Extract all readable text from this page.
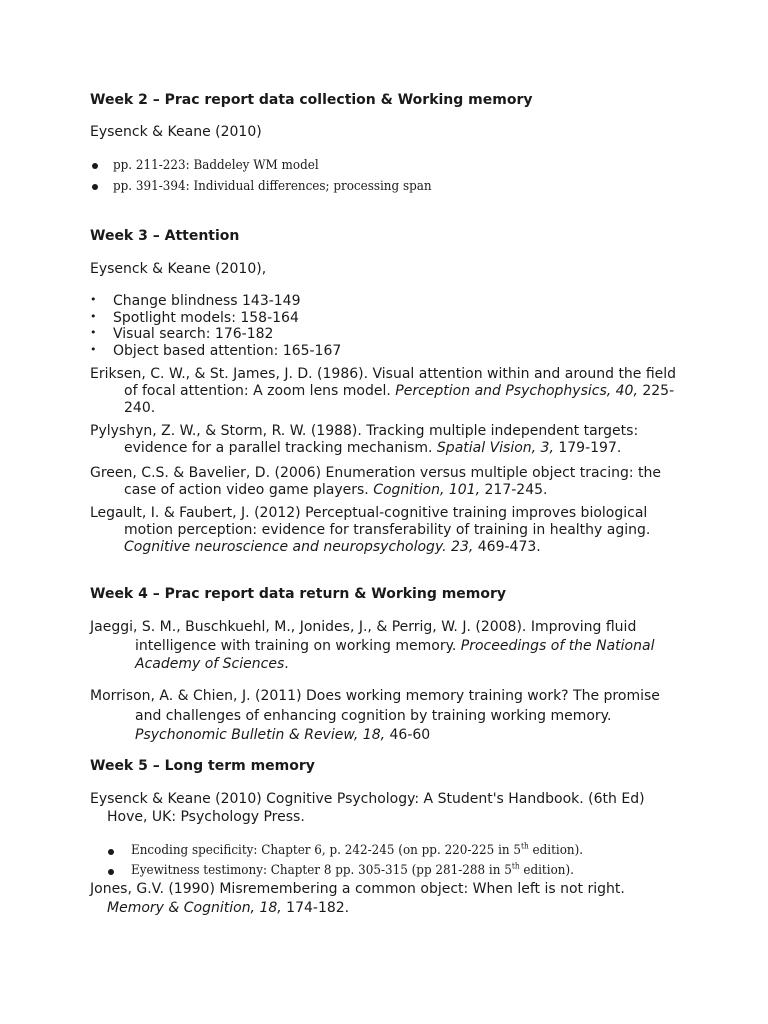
Week 2 – Prac report data collection & Working memory
Eysenck & Keane (2010)
pp. 211-223: Baddeley WM model
pp. 391-394: Individual differences; processing span
Week 3 – Attention
Eysenck & Keane (2010),
• Change blindness 143-149
• Spotlight models: 158-164
• Visual search: 176-182
• Object based attention: 165-167
Eriksen, C. W., & St. James, J. D. (1986). Visual attention within and around the field
of focal attention: A zoom lens model. Perception and Psychophysics, 40, 225-
240.
Pylyshyn, Z. W., & Storm, R. W. (1988). Tracking multiple independent targets:
evidence for a parallel tracking mechanism. Spatial Vision, 3, 179-197.
Green, C.S. & Bavelier, D. (2006) Enumeration versus multiple object tracing: the
case of action video game players. Cognition, 101, 217-245.
Legault, I. & Faubert, J. (2012) Perceptual-cognitive training improves biological
motion perception: evidence for transferability of training in healthy aging.
Cognitive neuroscience and neuropsychology. 23, 469-473.
Week 4 – Prac report data return & Working memory
Jaeggi, S. M., Buschkuehl, M., Jonides, J., & Perrig, W. J. (2008). Improving fluid
intelligence with training on working memory. Proceedings of the National
Academy of Sciences.
Morrison, A. & Chien, J. (2011) Does working memory training work? The promise
and challenges of enhancing cognition by training working memory.
Psychonomic Bulletin & Review, 18, 46-60
Week 5 – Long term memory
Eysenck & Keane (2010) Cognitive Psychology: A Student's Handbook. (6th Ed)
Hove, UK: Psychology Press.
Encoding specificity: Chapter 6, p. 242-245 (on pp. 220-225 in 5th edition).
Eyewitness testimony: Chapter 8 pp. 305-315 (pp 281-288 in 5th edition).
Jones, G.V. (1990) Misremembering a common object: When left is not right.
Memory & Cognition, 18, 174-182.
